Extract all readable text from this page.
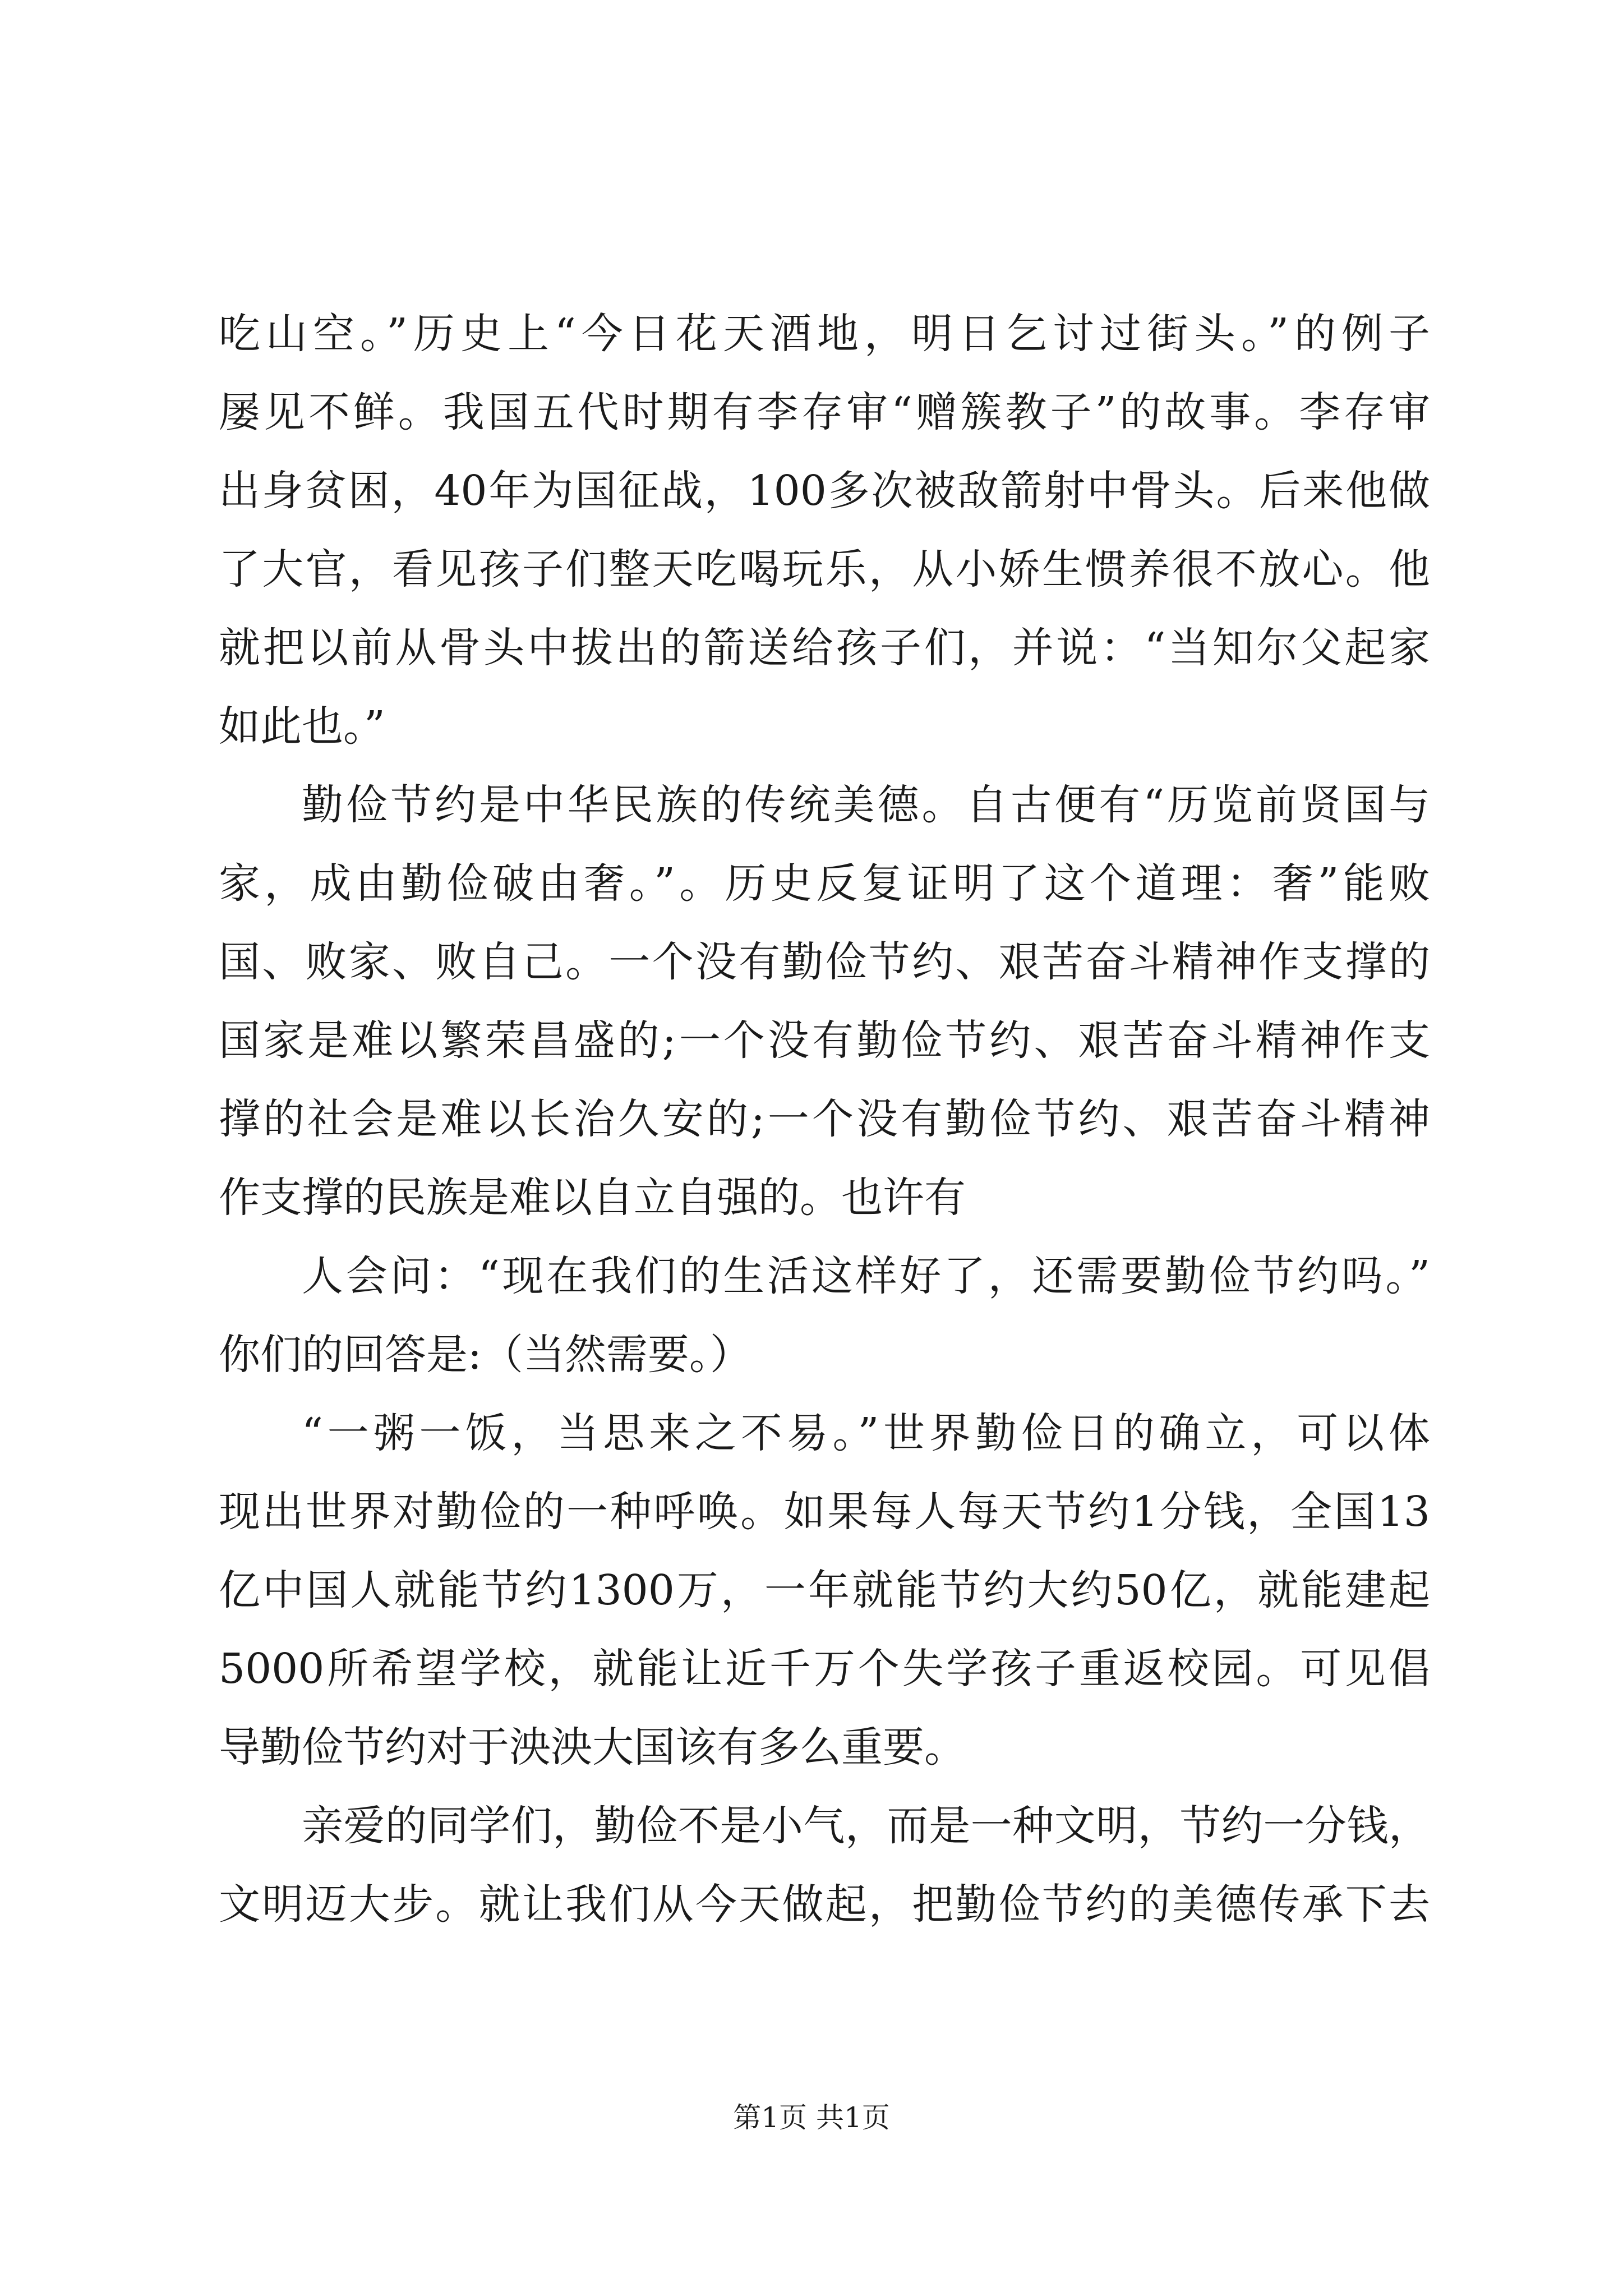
吃山空。”历史上“今日花天酒地，明日乞讨过街头。”的例子
屡见不鲜。我国五代时期有李存审“赠簇教子”的故事。李存审
出身贫困，40年为国征战，100多次被敌箭射中骨头。后来他做
了大官，看见孩子们整天吃喝玩乐，从小娇生惯养很不放心。他
就把以前从骨头中拔出的箭送给孩子们，并说：“当知尔父起家
如此也。”
勤俭节约是中华民族的传统美德。自古便有“历览前贤国与
家，成由勤俭破由奢。”。历史反复证明了这个道理：奢”能败
国、败家、败自己。一个没有勤俭节约、艰苦奋斗精神作支撑的
国家是难以繁荣昌盛的;一个没有勤俭节约、艰苦奋斗精神作支
撑的社会是难以长治久安的;一个没有勤俭节约、艰苦奋斗精神
作支撑的民族是难以自立自强的。也许有
人会问：“现在我们的生活这样好了，还需要勤俭节约吗。”
你们的回答是:（当然需要。）
“一粥一饭，当思来之不易。”世界勤俭日的确立，可以体
现出世界对勤俭的一种呼唤。如果每人每天节约1分钱，全国13
亿中国人就能节约1300万，一年就能节约大约50亿，就能建起
5000所希望学校，就能让近千万个失学孩子重返校园。可见倡
导勤俭节约对于泱泱大国该有多么重要。
亲爱的同学们，勤俭不是小气，而是一种文明，节约一分钱，
文明迈大步。就让我们从今天做起，把勤俭节约的美德传承下去
第1页 共1页
